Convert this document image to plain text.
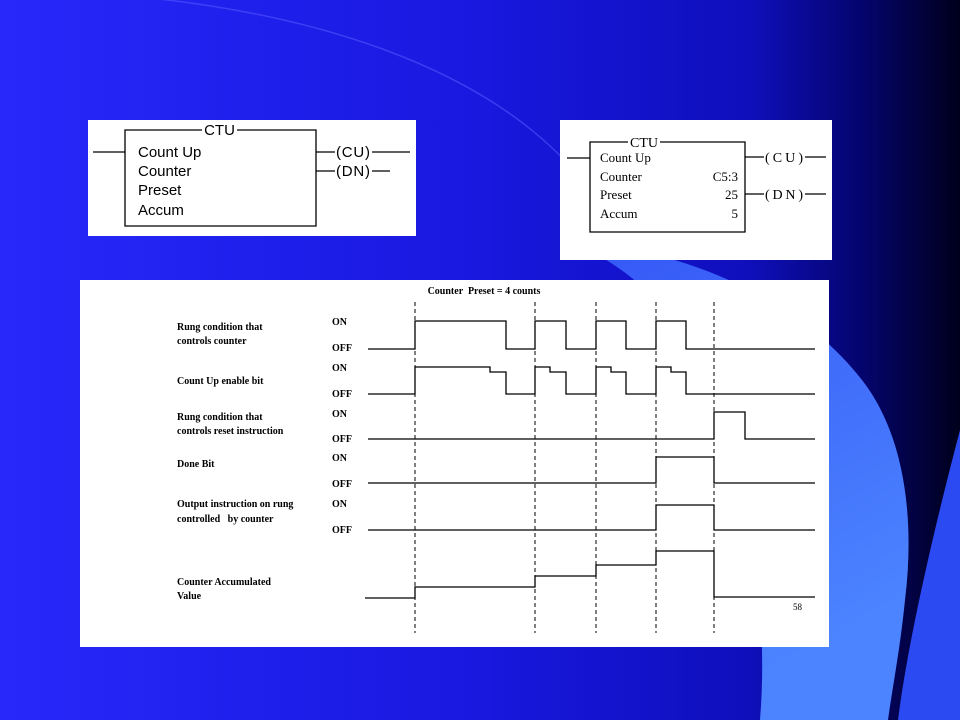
CTU
Count Up
Counter
Preset
Accum
(CU)
(DN)
CTU
Count Up
Counter	C5:3
Preset	25
Accum	5
(CU)
(DN)
Counter  Preset = 4 counts
Rung condition that
controls counter
ON
OFF
Count Up enable bit
ON
OFF
Rung condition that
controls reset instruction
ON
OFF
Done Bit
ON
OFF
Output instruction on rung
controlled   by counter
ON
OFF
Counter Accumulated
Value
58
